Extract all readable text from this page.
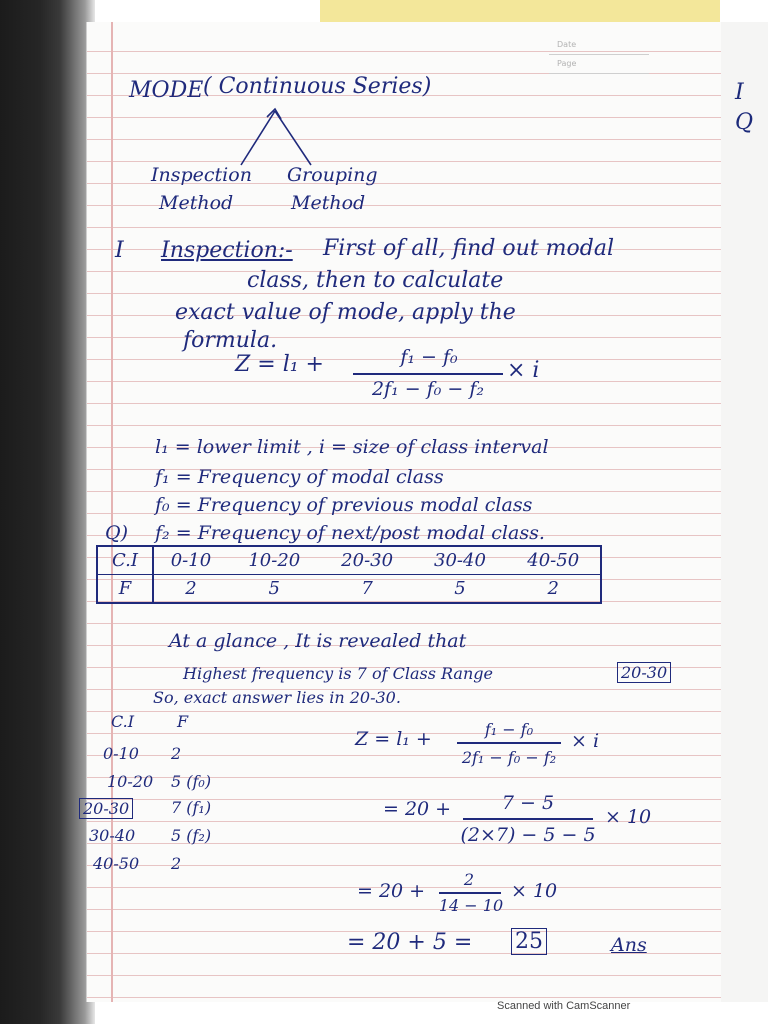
I
Q
Date
Page
MODE ( Continuous Series)
Inspection
Method
Grouping
Method
I Inspection:- First of all, find out modal
class, then to calculate
exact value of mode, apply the
formula.
Z = l₁ +	f₁ − f₀
2f₁ − f₀ − f₂
× i
l₁ = lower limit , i = size of class interval
f₁ = Frequency of modal class
f₀ = Frequency of previous modal class
Q) f₂ = Frequency of next/post modal class.
At a glance , It is revealed that
Highest frequency is 7 of Class Range	20-30
So, exact answer lies in 20-30.
C.I	F
0-10 2
10-20 5 (f₀)
20-30	7 (f₁)
30-40 5 (f₂)
40-50 2
Z = l₁ +	f₁ − f₀
2f₁ − f₀ − f₂
× i
= 20 +	7 − 5
(2×7) − 5 − 5
× 10
= 20 +
2
14 − 10
× 10
= 20 + 5 = 25	Ans
C.I	0-10	10-20	20-30	30-40	40-50
F	2	5	7	5	2
Scanned with CamScanner
